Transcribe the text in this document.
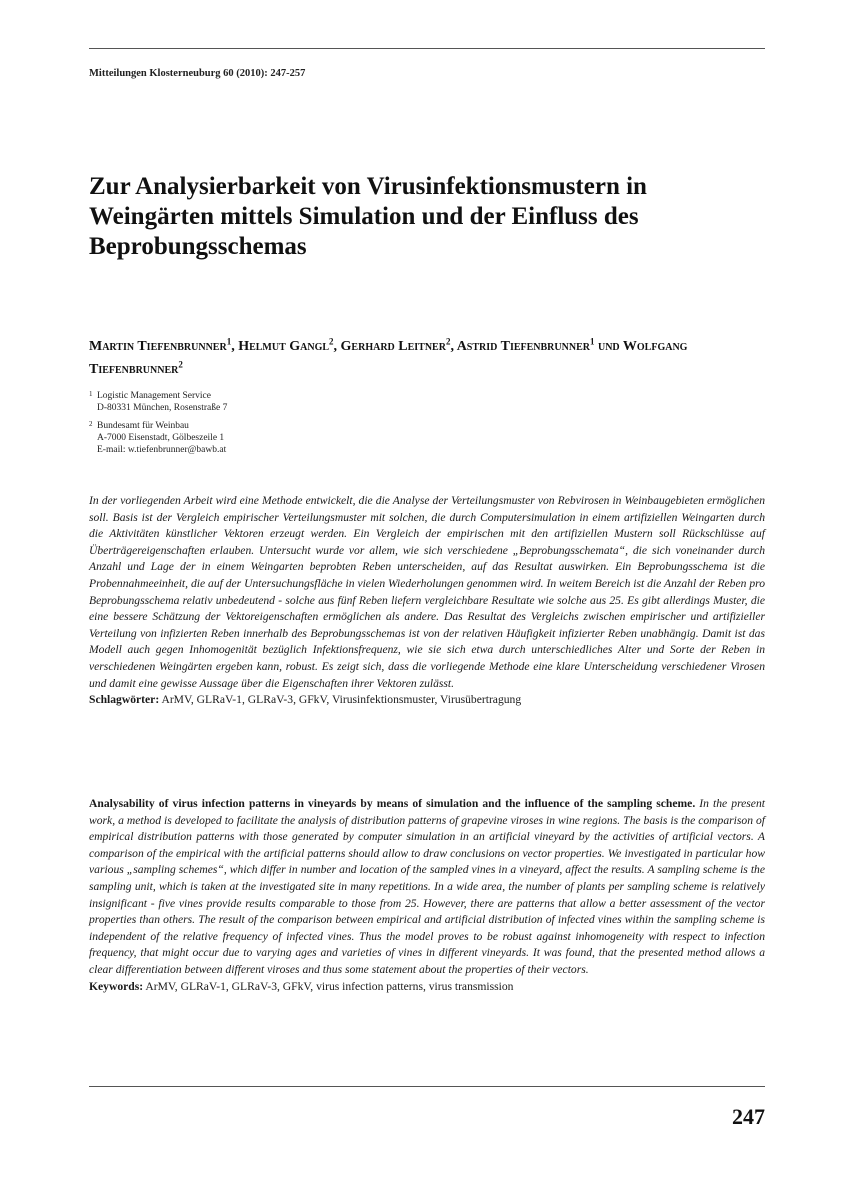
Mitteilungen Klosterneuburg 60 (2010): 247-257
Zur Analysierbarkeit von Virusinfektionsmustern in Weingärten mittels Simulation und der Einfluss des Beprobungsschemas

Martin Tiefenbrunner$^1$, Helmut Gangl$^2$, Gerhard Leitner$^2$, Astrid Tiefenbrunner$^1$ und Wolfgang Tiefenbrunner$^2$

1 Logistic Management Service
D-80331 München, Rosenstraße 7
2 Bundesamt für Weinbau
A-7000 Eisenstadt, Gölbeszeile 1
E-mail: w.tiefenbrunner@bawb.at

In der vorliegenden Arbeit wird eine Methode entwickelt, die die Analyse der Verteilungsmuster von Rebvirosen in Weinbaugebieten ermöglichen soll. Basis ist der Vergleich empirischer Verteilungsmuster mit solchen, die durch Computersimulation in einem artifiziellen Weingarten durch die Aktivitäten künstlicher Vektoren erzeugt werden. Ein Vergleich der empirischen mit den artifiziellen Mustern soll Rückschlüsse auf Überträgereigenschaften erlauben. Untersucht wurde vor allem, wie sich verschiedene „Beprobungsschemata“, die sich voneinander durch Anzahl und Lage der in einem Weingarten beprobten Reben unterscheiden, auf das Resultat auswirken. Ein Beprobungsschema ist die Probennahmeeinheit, die auf der Untersuchungsfläche in vielen Wiederholungen genommen wird. In weitem Bereich ist die Anzahl der Reben pro Beprobungsschema relativ unbedeutend - solche aus fünf Reben liefern vergleichbare Resultate wie solche aus 25. Es gibt allerdings Muster, die eine bessere Schätzung der Vektoreigenschaften ermöglichen als andere. Das Resultat des Vergleichs zwischen empirischer und artifizieller Verteilung von infizierten Reben innerhalb des Beprobungsschemas ist von der relativen Häufigkeit infizierter Reben unabhängig. Damit ist das Modell auch gegen Inhomogenität bezüglich Infektionsfrequenz, wie sie sich etwa durch unterschiedliches Alter und Sorte der Reben in verschiedenen Weingärten ergeben kann, robust. Es zeigt sich, dass die vorliegende Methode eine klare Unterscheidung verschiedener Virosen und damit eine gewisse Aussage über die Eigenschaften ihrer Vektoren zulässt.

Schlagwörter: ArMV, GLRaV-1, GLRaV-3, GFkV, Virusinfektionsmuster, Virusübertragung

Analysability of virus infection patterns in vineyards by means of simulation and the influence of the sampling scheme. In the present work, a method is developed to facilitate the analysis of distribution patterns of grapevine viroses in wine regions. The basis is the comparison of empirical distribution patterns with those generated by computer simulation in an artificial vineyard by the activities of artificial vectors. A comparison of the empirical with the artificial patterns should allow to draw conclusions on vector properties. We investigated in particular how various „sampling schemes“, which differ in number and location of the sampled vines in a vineyard, affect the results. A sampling scheme is the sampling unit, which is taken at the investigated site in many repetitions. In a wide area, the number of plants per sampling scheme is relatively insignificant - five vines provide results comparable to those from 25. However, there are patterns that allow a better assessment of the vector properties than others. The result of the comparison between empirical and artificial distribution of infected vines within the sampling scheme is independent of the relative frequency of infected vines. Thus the model proves to be robust against inhomogeneity with respect to infection frequency, that might occur due to varying ages and varieties of vines in different vineyards. It was found, that the presented method allows a clear differentiation between different viroses and thus some statement about the properties of their vectors.

Keywords: ArMV, GLRaV-1, GLRaV-3, GFkV, virus infection patterns, virus transmission

247
